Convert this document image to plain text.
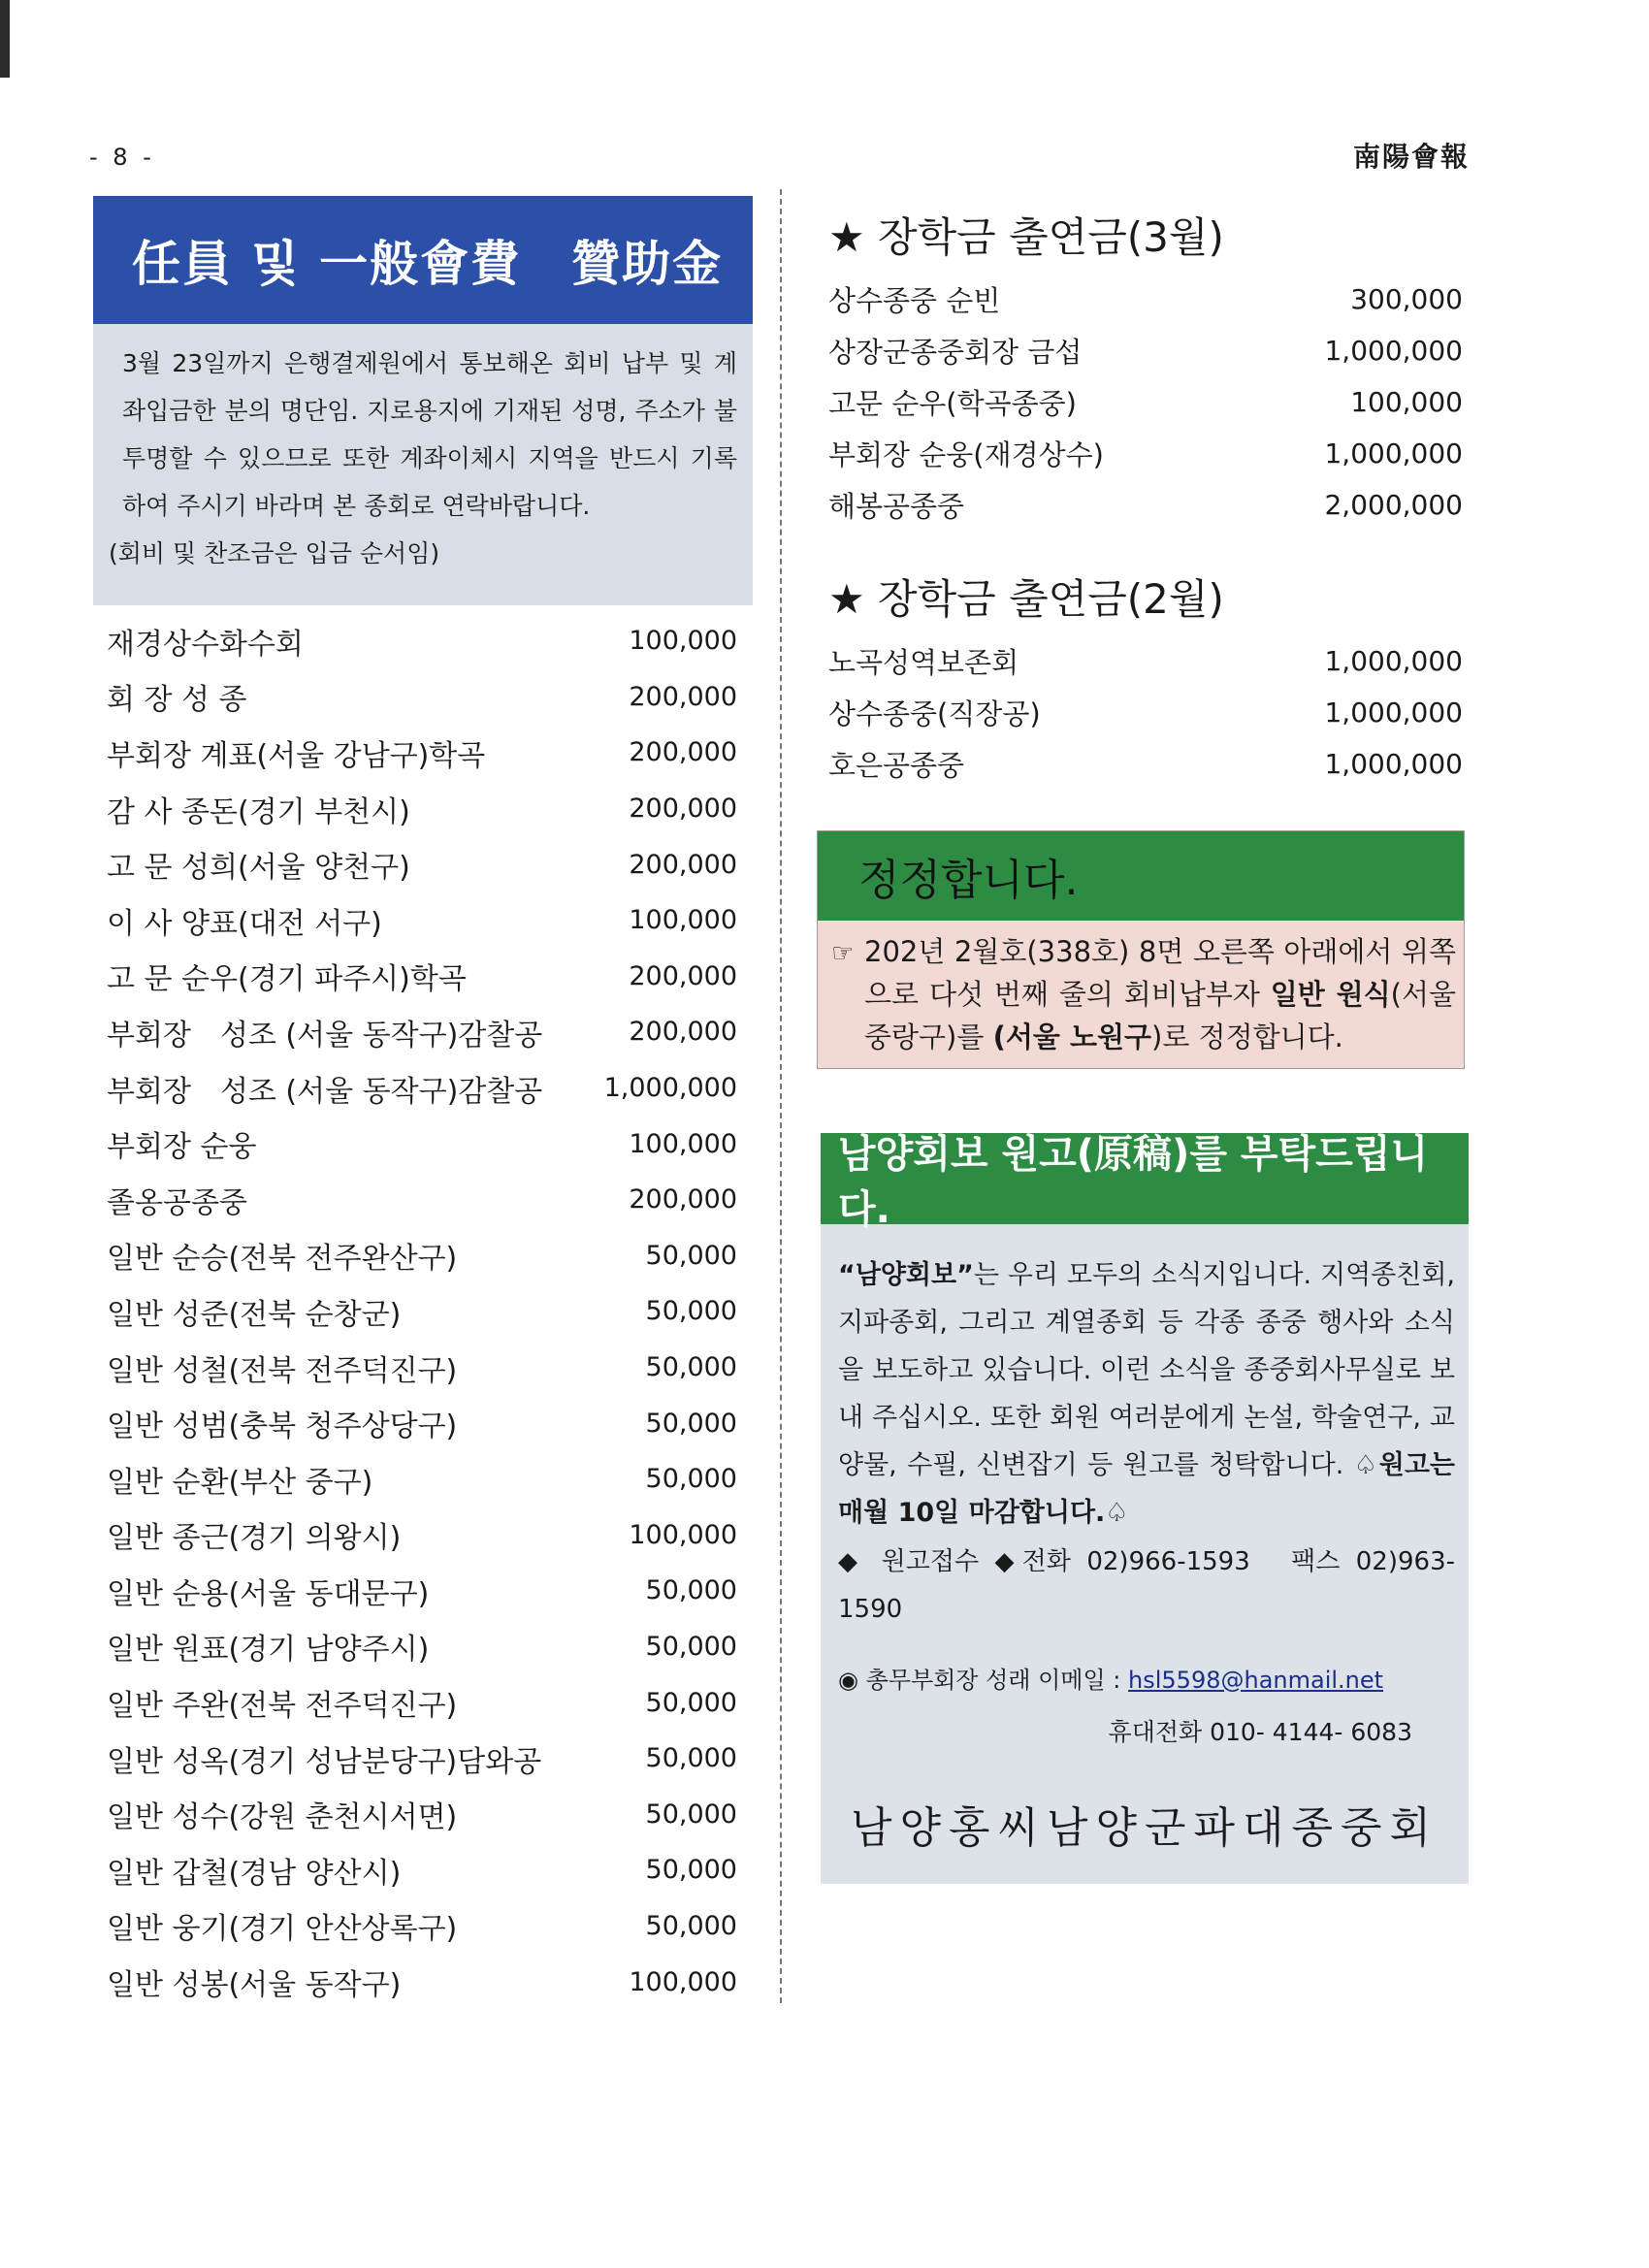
- 8 -	南陽會報
任員 및 一般會費　贊助金
3월 23일까지 은행결제원에서 통보해온 회비 납부 및 계좌입금한 분의 명단임. 지로용지에 기재된 성명, 주소가 불투명할 수 있으므로 또한 계좌이체시 지역을 반드시 기록하여 주시기 바라며 본 종회로 연락바랍니다.
(회비 및 찬조금은 입금 순서임)
재경상수화수회	100,000
회 장 성 종	200,000
부회장 계표(서울 강남구)학곡	200,000
감 사 종돈(경기 부천시)	200,000
고 문 성희(서울 양천구)	200,000
이 사 양표(대전 서구)	100,000
고 문 순우(경기 파주시)학곡	200,000
부회장　성조 (서울 동작구)감찰공	200,000
부회장　성조 (서울 동작구)감찰공 1,000,000
부회장 순웅	100,000
졸옹공종중	200,000
일반 순승(전북 전주완산구)	50,000
일반 성준(전북 순창군)	50,000
일반 성철(전북 전주덕진구)	50,000
일반 성범(충북 청주상당구)	50,000
일반 순환(부산 중구)	50,000
일반 종근(경기 의왕시)	100,000
일반 순용(서울 동대문구)	50,000
일반 원표(경기 남양주시)	50,000
일반 주완(전북 전주덕진구)	50,000
일반 성옥(경기 성남분당구)담와공	50,000
일반 성수(강원 춘천시서면)	50,000
일반 갑철(경남 양산시)	50,000
일반 웅기(경기 안산상록구)	50,000
일반 성봉(서울 동작구)	100,000
★ 장학금 출연금(3월)
상수종중 순빈	300,000
상장군종중회장 금섭	1,000,000
고문 순우(학곡종중)	100,000
부회장 순웅(재경상수)	1,000,000
해봉공종중	2,000,000
★ 장학금 출연금(2월)
노곡성역보존회	1,000,000
상수종중(직장공)	1,000,000
호은공종중	1,000,000
정정합니다.
☞ 202년 2월호(338호) 8면 오른쪽 아래에서 위쪽으로 다섯 번째 줄의 회비납부자 일반 원식(서울 중랑구)를 (서울 노원구)로 정정합니다.
남양회보 원고(原稿)를 부탁드립니다.
“남양회보”는 우리 모두의 소식지입니다. 지역종친회, 지파종회, 그리고 계열종회 등 각종 종중 행사와 소식을 보도하고 있습니다. 이런 소식을 종중회사무실로 보내 주십시오. 또한 회원 여러분에게 논설, 학술연구, 교양물, 수필, 신변잡기 등 원고를 청탁합니다. ♤원고는 매월 10일 마감합니다.♤
◆ 원고접수 ◆전화 02)966-1593　팩스 02)963-1590
◉ 총무부회장 성래 이메일 : hsl5598@hanmail.net
휴대전화 010- 4144- 6083
남양홍씨남양군파대종중회
